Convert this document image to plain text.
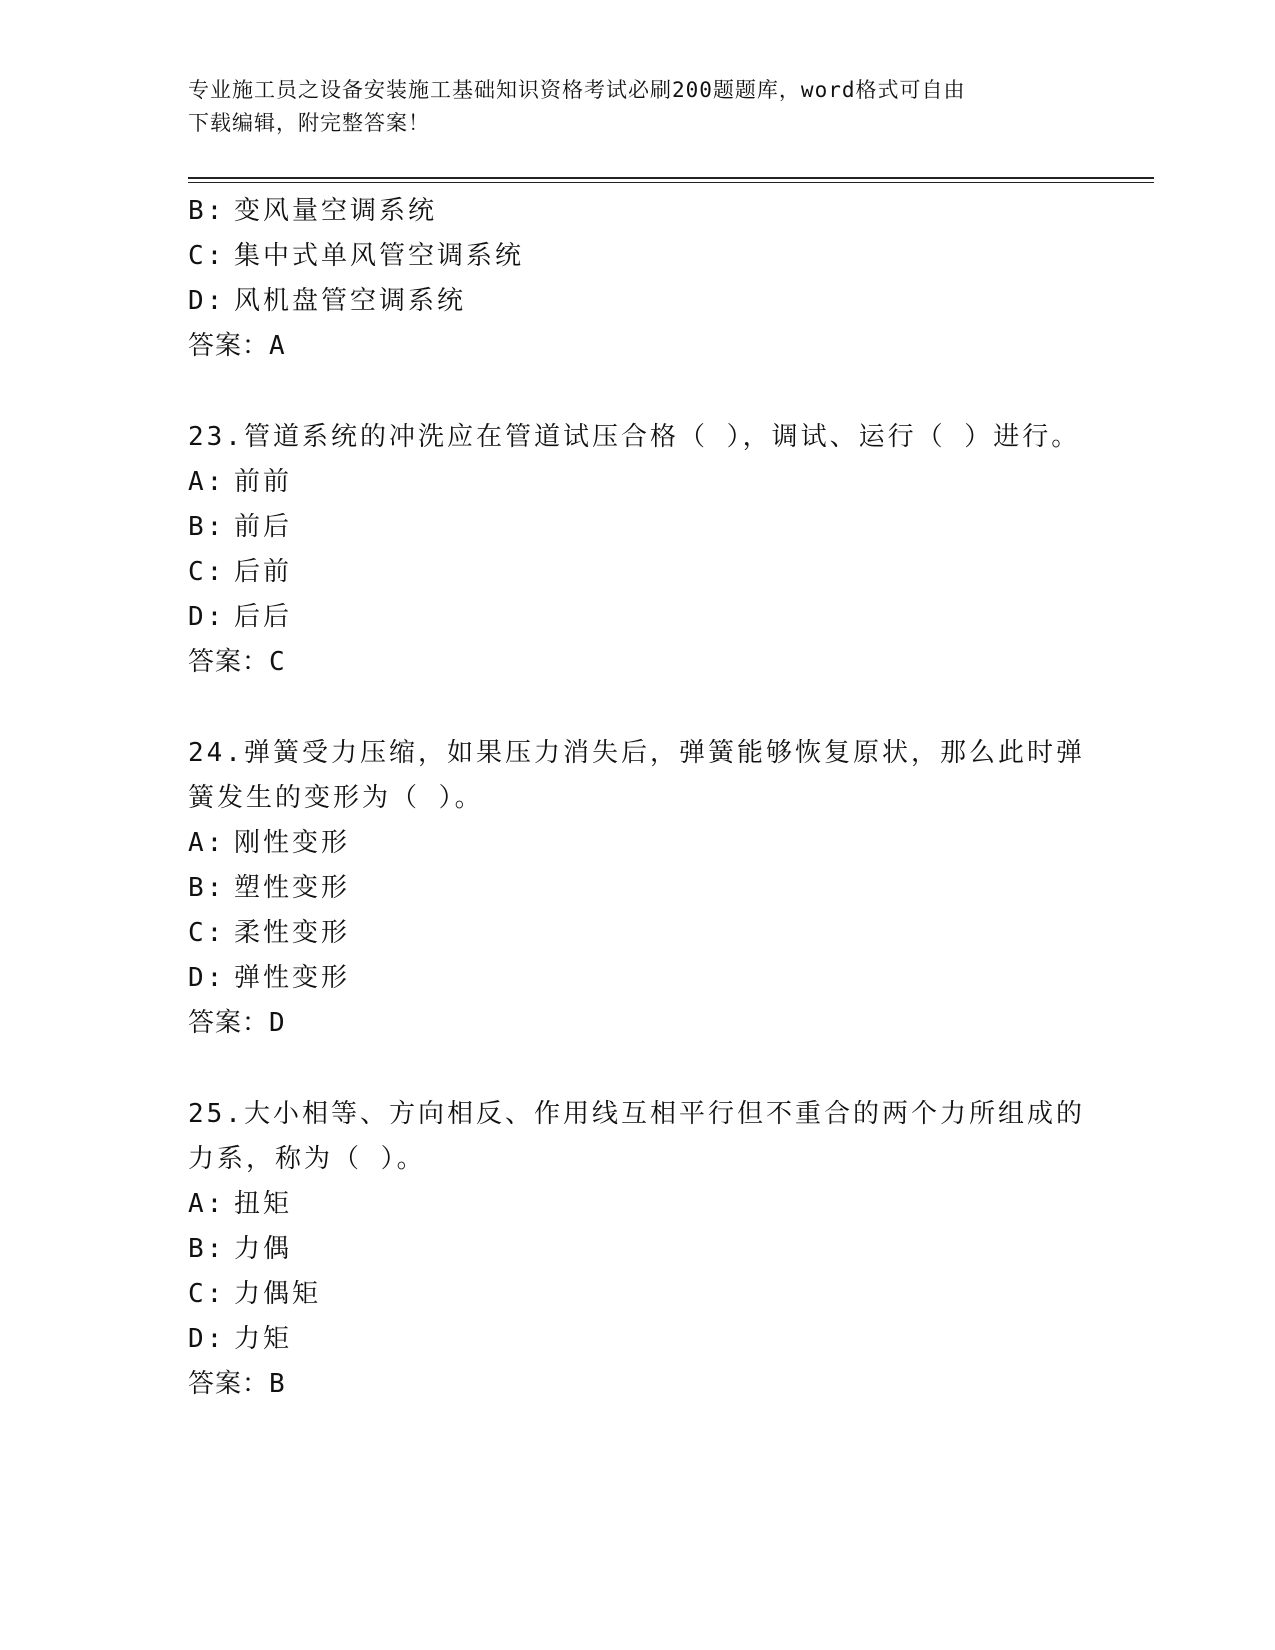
专业施工员之设备安装施工基础知识资格考试必刷200题题库，word格式可自由
下载编辑，附完整答案！
B: 变风量空调系统
C: 集中式单风管空调系统
D: 风机盘管空调系统
答案：A
23.管道系统的冲洗应在管道试压合格（ ），调试、运行（ ）进行。
A: 前前
B: 前后
C: 后前
D: 后后
答案：C
24.弹簧受力压缩，如果压力消失后，弹簧能够恢复原状，那么此时弹簧发生的变形为（ ）。
A: 刚性变形
B: 塑性变形
C: 柔性变形
D: 弹性变形
答案：D
25.大小相等、方向相反、作用线互相平行但不重合的两个力所组成的力系，称为（ ）。
A: 扭矩
B: 力偶
C: 力偶矩
D: 力矩
答案：B
